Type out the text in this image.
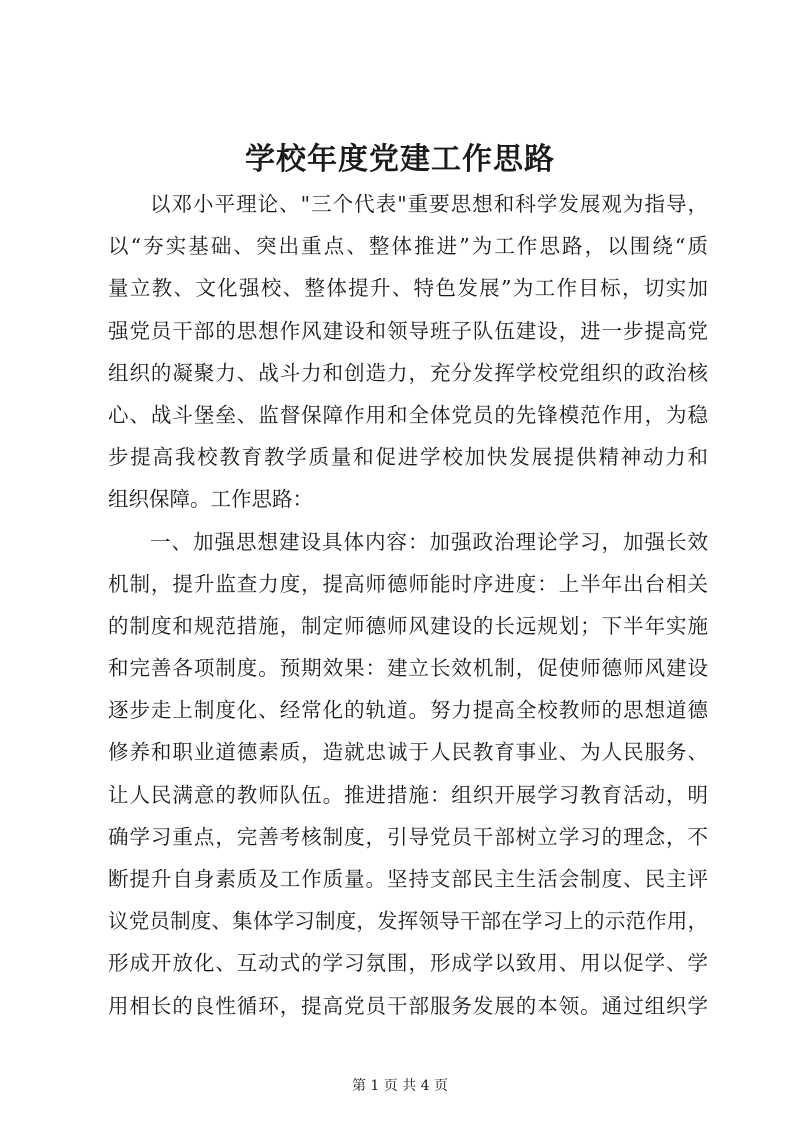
学校年度党建工作思路
以邓小平理论、"三个代表"重要思想和科学发展观为指导，
以“夯实基础、突出重点、整体推进”为工作思路，以围绕“质
量立教、文化强校、整体提升、特色发展”为工作目标，切实加
强党员干部的思想作风建设和领导班子队伍建设，进一步提高党
组织的凝聚力、战斗力和创造力，充分发挥学校党组织的政治核
心、战斗堡垒、监督保障作用和全体党员的先锋模范作用，为稳
步提高我校教育教学质量和促进学校加快发展提供精神动力和
组织保障。工作思路：
一、加强思想建设具体内容：加强政治理论学习，加强长效
机制，提升监查力度，提高师德师能时序进度：上半年出台相关
的制度和规范措施，制定师德师风建设的长远规划；下半年实施
和完善各项制度。预期效果：建立长效机制，促使师德师风建设
逐步走上制度化、经常化的轨道。努力提高全校教师的思想道德
修养和职业道德素质，造就忠诚于人民教育事业、为人民服务、
让人民满意的教师队伍。推进措施：组织开展学习教育活动，明
确学习重点，完善考核制度，引导党员干部树立学习的理念，不
断提升自身素质及工作质量。坚持支部民主生活会制度、民主评
议党员制度、集体学习制度，发挥领导干部在学习上的示范作用，
形成开放化、互动式的学习氛围，形成学以致用、用以促学、学
用相长的良性循环，提高党员干部服务发展的本领。通过组织学
第 1 页 共 4 页
